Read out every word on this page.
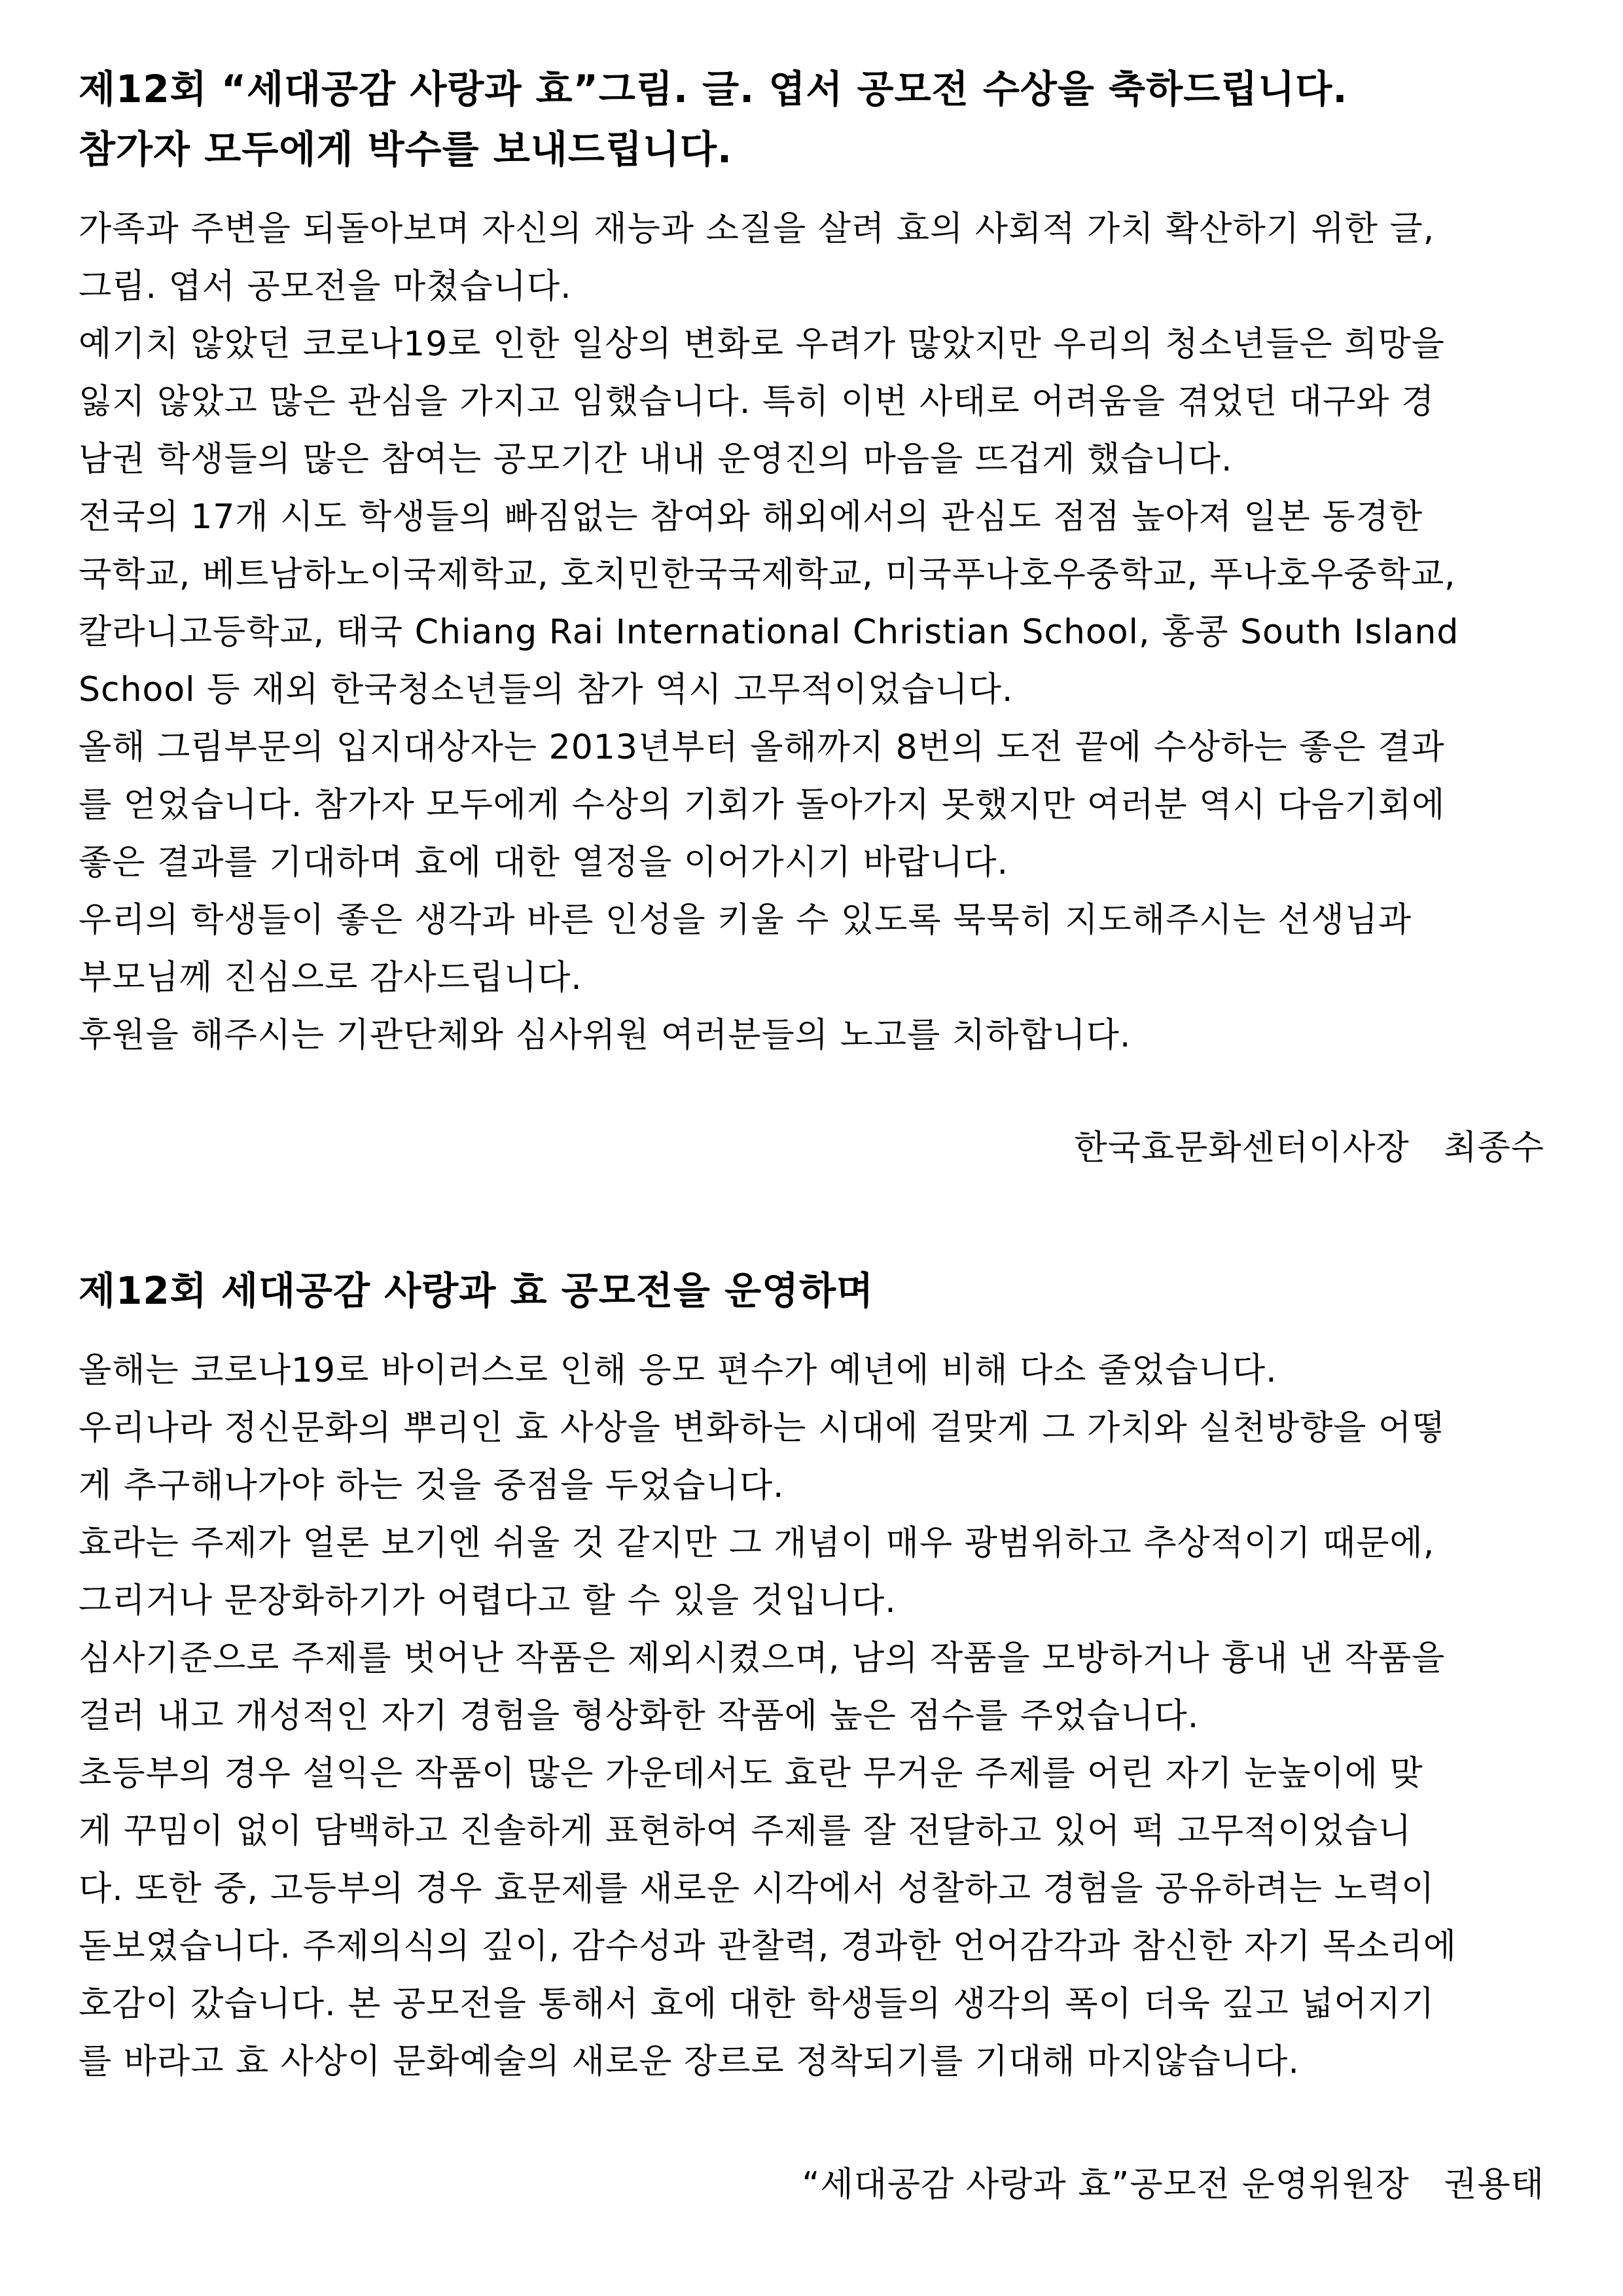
제12회 “세대공감 사랑과 효”그림. 글. 엽서 공모전 수상을 축하드립니다.
참가자 모두에게 박수를 보내드립니다.
가족과 주변을 되돌아보며 자신의 재능과 소질을 살려 효의 사회적 가치 확산하기 위한 글,
그림. 엽서 공모전을 마쳤습니다.
예기치 않았던 코로나19로 인한 일상의 변화로 우려가 많았지만 우리의 청소년들은 희망을
잃지 않았고 많은 관심을 가지고 임했습니다. 특히 이번 사태로 어려움을 겪었던 대구와 경
남권 학생들의 많은 참여는 공모기간 내내 운영진의 마음을 뜨겁게 했습니다.
전국의 17개 시도 학생들의 빠짐없는 참여와 해외에서의 관심도 점점 높아져 일본 동경한
국학교, 베트남하노이국제학교, 호치민한국국제학교, 미국푸나호우중학교, 푸나호우중학교,
칼라니고등학교, 태국 Chiang Rai International Christian School, 홍콩 South Island
School 등 재외 한국청소년들의 참가 역시 고무적이었습니다.
올해 그림부문의 입지대상자는 2013년부터 올해까지 8번의 도전 끝에 수상하는 좋은 결과
를 얻었습니다. 참가자 모두에게 수상의 기회가 돌아가지 못했지만 여러분 역시 다음기회에
좋은 결과를 기대하며 효에 대한 열정을 이어가시기 바랍니다.
우리의 학생들이 좋은 생각과 바른 인성을 키울 수 있도록 묵묵히 지도해주시는 선생님과
부모님께 진심으로 감사드립니다.
후원을 해주시는 기관단체와 심사위원 여러분들의 노고를 치하합니다.
한국효문화센터이사장   최종수
제12회 세대공감 사랑과 효 공모전을 운영하며
올해는 코로나19로 바이러스로 인해 응모 편수가 예년에 비해 다소 줄었습니다.
우리나라 정신문화의 뿌리인 효 사상을 변화하는 시대에 걸맞게 그 가치와 실천방향을 어떻
게 추구해나가야 하는 것을 중점을 두었습니다.
효라는 주제가 얼론 보기엔 쉬울 것 같지만 그 개념이 매우 광범위하고 추상적이기 때문에,
그리거나 문장화하기가 어렵다고 할 수 있을 것입니다.
심사기준으로 주제를 벗어난 작품은 제외시켰으며, 남의 작품을 모방하거나 흉내 낸 작품을
걸러 내고 개성적인 자기 경험을 형상화한 작품에 높은 점수를 주었습니다.
초등부의 경우 설익은 작품이 많은 가운데서도 효란 무거운 주제를 어린 자기 눈높이에 맞
게 꾸밈이 없이 담백하고 진솔하게 표현하여 주제를 잘 전달하고 있어 퍽 고무적이었습니
다. 또한 중, 고등부의 경우 효문제를 새로운 시각에서 성찰하고 경험을 공유하려는 노력이
돋보였습니다. 주제의식의 깊이, 감수성과 관찰력, 경과한 언어감각과 참신한 자기 목소리에
호감이 갔습니다. 본 공모전을 통해서 효에 대한 학생들의 생각의 폭이 더욱 깊고 넓어지기
를 바라고 효 사상이 문화예술의 새로운 장르로 정착되기를 기대해 마지않습니다.
“세대공감 사랑과 효”공모전 운영위원장   권용태
